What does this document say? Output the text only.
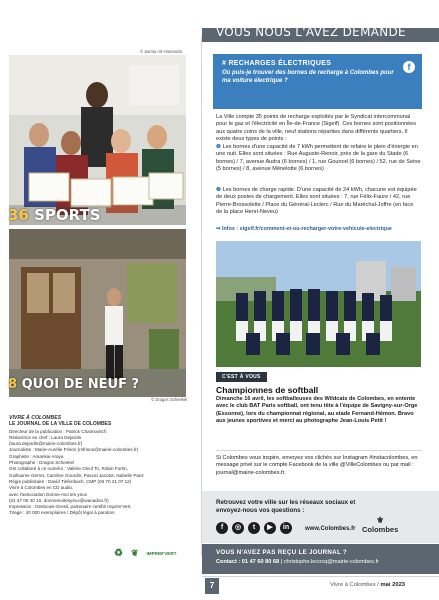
© Samia Aït-Hamonda
36 SPORTS
8 QUOI DE NEUF ?
© Dragos Scheekel
VIVRE À COLOMBES
LE JOURNAL DE LA VILLE DE COLOMBES
Directeur de la publication : Patrick Chaimovitch
Rédactrice en chef : Laura Dejardin
(laura.dejardin@mairie-colombes.fr)
Journaliste : Marie-Aurélie Frison (mfrison@mairie-colombes.fr)
Graphiste : Amankai Araya
Photographe : Dragos Scheekel
Ont collaboré à ce numéro : Valérie Cleuf To, Robin Fortin,
Guillaume Gerret, Caroline Gourdin, Pascal Jacotot, Isabelle Paez
Régie publicitaire : David Tiefenbach, CMP (06 70 21 07 12)
Vivre à Colombes en CD audio,
avec l'association Donne-moi tes yeux
(01 47 05 40 10, donnemoitesyeux@wanadoo.fr)
Impression : Desbouis-Gresil, partenaire certifié Imprim'Vert.
Tirage : 40 000 exemplaires / Dépôt légal à parution
♻ ❦ IMPRIM'VERT
VOUS NOUS L'AVEZ DEMANDÉ
# RECHARGES ÉLECTRIQUES
Où puis-je trouver des bornes de recharge à Colombes pour ma voiture électrique ?
f
La Ville compte 35 points de recharge exploités par le Syndicat intercommunal pour le gaz et l'électricité en Île-de-France (Sigeif). Ces bornes sont positionnées aux quatre coins de la ville, neuf stations réparties dans différents quartiers. Il existe deux types de points :
❶ Les bornes d'une capacité de 7 kWh permettent de refaire le plein d'énergie en une nuit. Elles sont situées : Rue Auguste-Renoir, près de la gare du Stade (6 bornes) / 7, avenue Audra (6 bornes) / 1, rue Gounod (6 bornes) / 52, rue de Seine (5 bornes) / 8, avenue Ménelotte (6 bornes)
❷ Les bornes de charge rapide. D'une capacité de 24 kWh, chacune est équipée de deux postes de chargement. Elles sont situées : 7, rue Félix-Faure / 42, rue Pierre-Brossolette / Place du Général-Leclerc / Rue du Maréchal-Joffre (en face de la place Henri-Neveu)
➡ Infos : sigeif.fr/comment-et-ou-recharger-votre-vehicule-electrique
C'EST À VOUS
Championnes de softball
Dimanche 16 avril, les softballeuses des Wildcats de Colombes, en entente avec le club BAT Paris softball, ont tenu tête à l'équipe de Savigny-sur-Orge (Essonne), lors du championnat régional, au stade Fernand-Hémon. Bravo aux jeunes sportives et merci au photographe Jean-Louis Petit !
Si Colombes vous inspire, envoyez vos clichés sur Instagram #instacolombes, en message privé sur le compte Facebook de la ville @VilleColombes ou par mail : journal@mairie-colombes.fr.
Retrouvez votre ville sur les réseaux sociaux et envoyez-nous vos questions :
f	◎	t	▶	in	www.Colombes.fr
⚜
Colombes
VOUS N'AVEZ PAS REÇU LE JOURNAL ?
Contact : 01 47 60 80 68 | christophe.lecocq@mairie-colombes.fr
7	Vivre à Colombes / mai 2023
